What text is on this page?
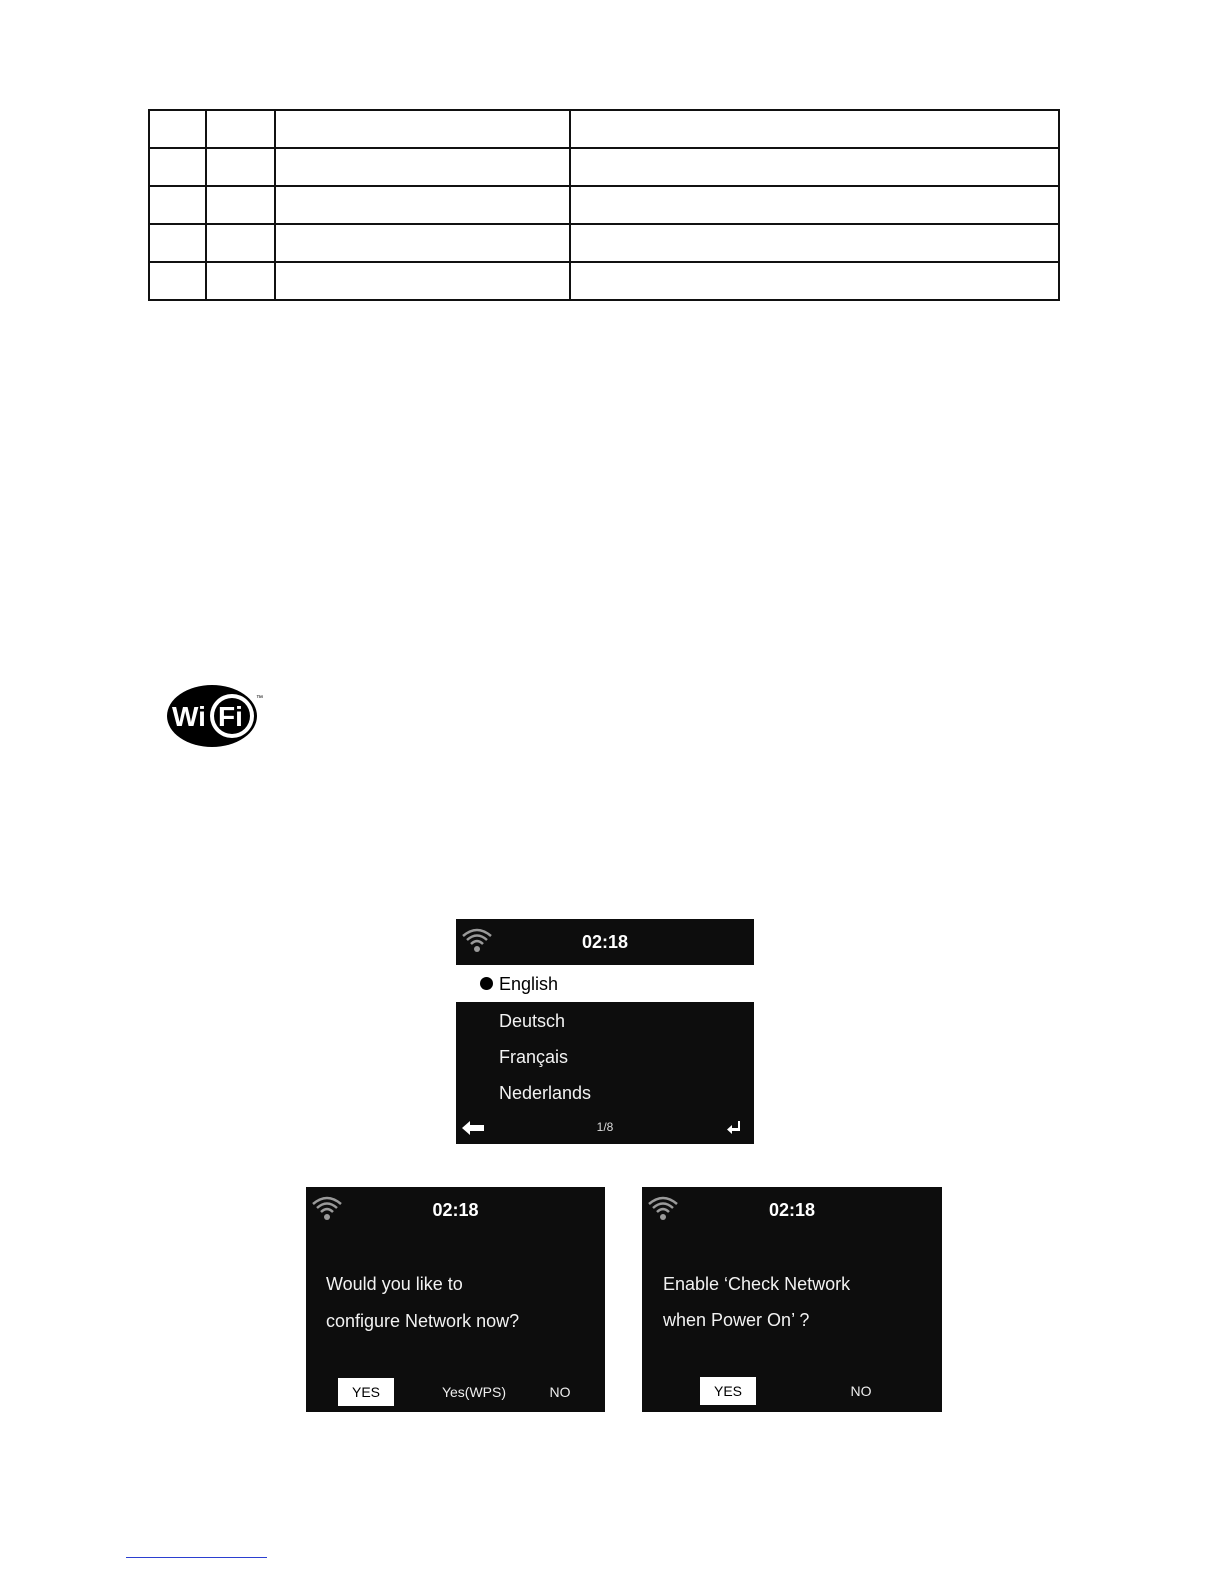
Wi Fi
™
02:18
English
Deutsch
Français
Nederlands
1/8
02:18
Would you like to
configure Network now?
YES	Yes(WPS)	NO
02:18
Enable ‘Check Network
when Power On’ ?
YES	NO
